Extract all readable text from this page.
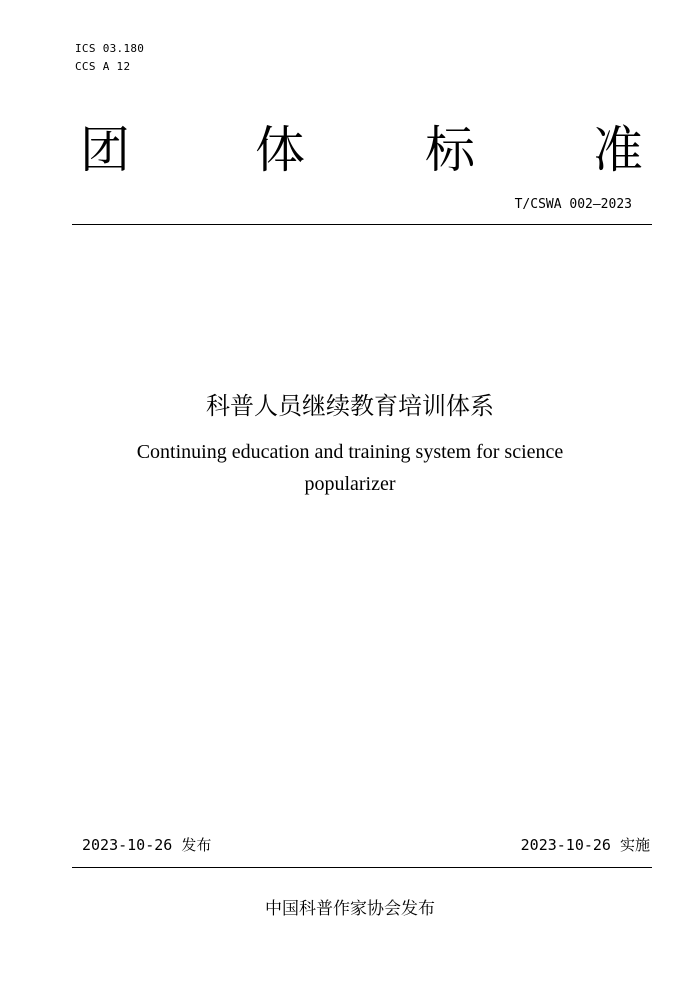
ICS 03.180
CCS A 12
团	体 标 准
T/CSWA 002—2023
科普人员继续教育培训体系
Continuing education and training system for science
popularizer
2023-10-26 发布	2023-10-26 实施
中国科普作家协会发布
